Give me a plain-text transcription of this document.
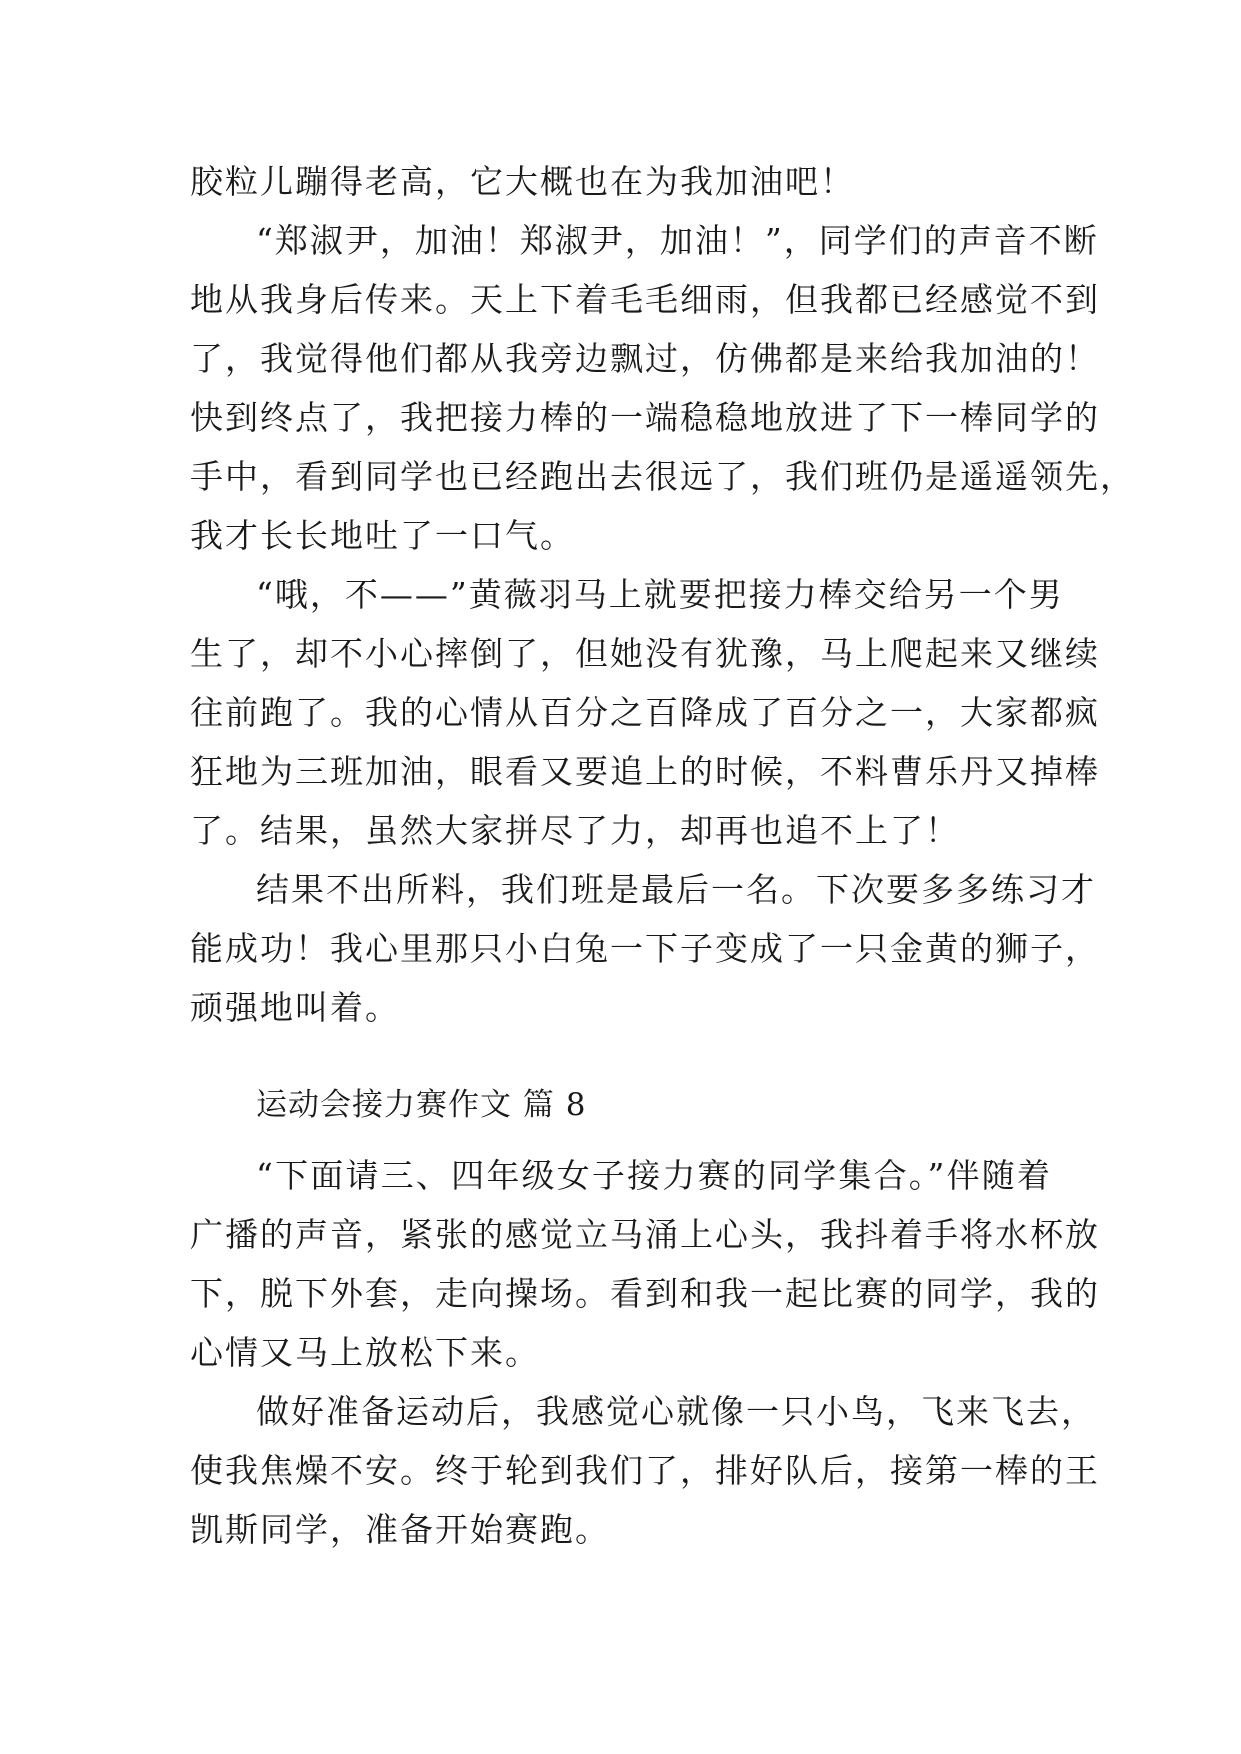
胶粒儿蹦得老高，它大概也在为我加油吧！
“郑淑尹，加油！郑淑尹，加油！”，同学们的声音不断
地从我身后传来。天上下着毛毛细雨，但我都已经感觉不到
了，我觉得他们都从我旁边飘过，仿佛都是来给我加油的！
快到终点了，我把接力棒的一端稳稳地放进了下一棒同学的
手中，看到同学也已经跑出去很远了，我们班仍是遥遥领先，
我才长长地吐了一口气。
“哦，不——”黄薇羽马上就要把接力棒交给另一个男
生了，却不小心摔倒了，但她没有犹豫，马上爬起来又继续
往前跑了。我的心情从百分之百降成了百分之一，大家都疯
狂地为三班加油，眼看又要追上的时候，不料曹乐丹又掉棒
了。结果，虽然大家拼尽了力，却再也追不上了！
结果不出所料，我们班是最后一名。下次要多多练习才
能成功！我心里那只小白兔一下子变成了一只金黄的狮子，
顽强地叫着。
运动会接力赛作文 篇 8
“下面请三、四年级女子接力赛的同学集合。”伴随着
广播的声音，紧张的感觉立马涌上心头，我抖着手将水杯放
下，脱下外套，走向操场。看到和我一起比赛的同学，我的
心情又马上放松下来。
做好准备运动后，我感觉心就像一只小鸟，飞来飞去，
使我焦燥不安。终于轮到我们了，排好队后，接第一棒的王
凯斯同学，准备开始赛跑。
